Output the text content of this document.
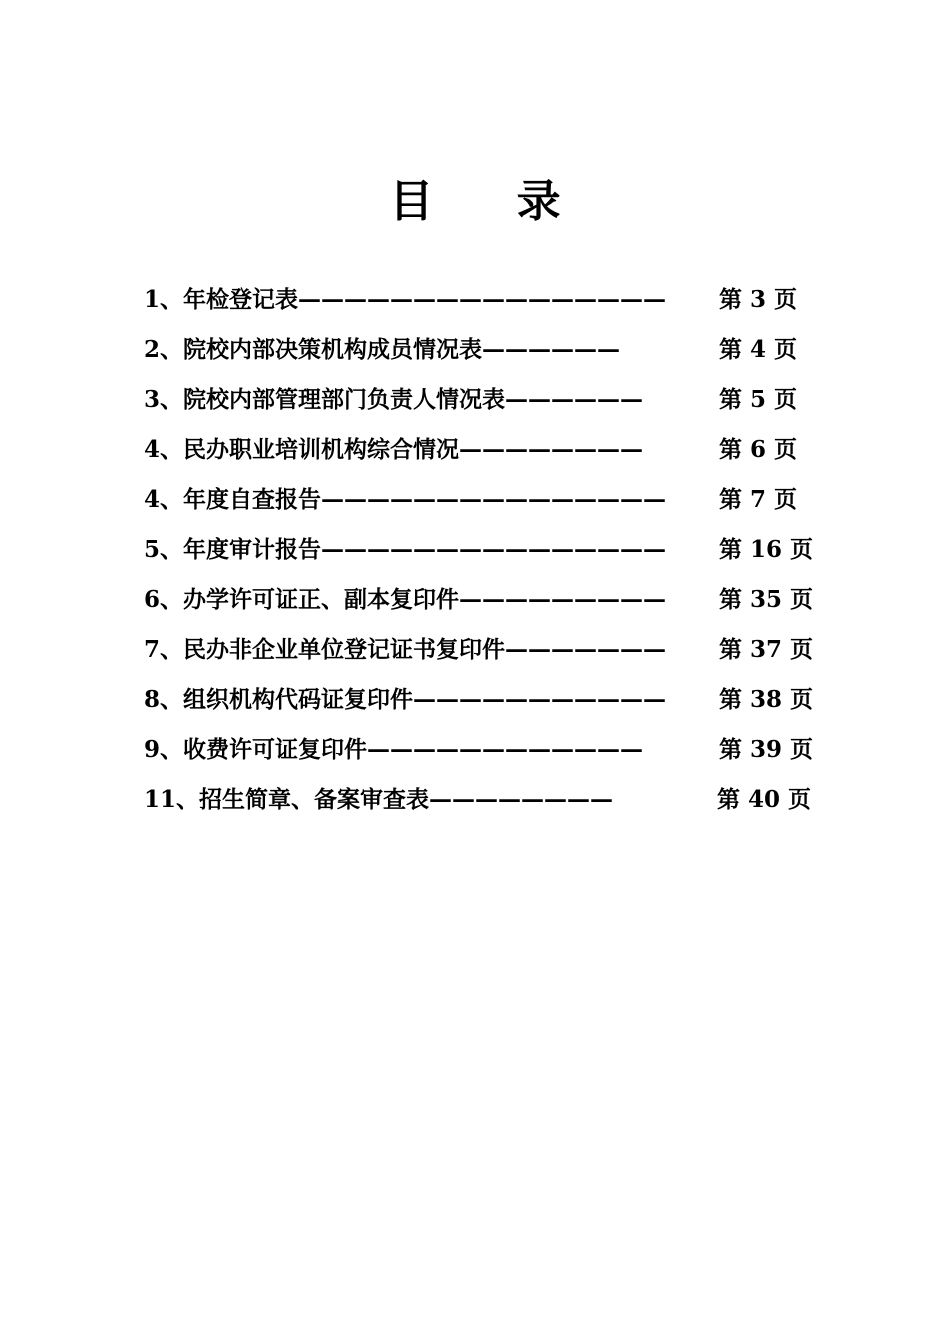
目 录
1、年检登记表———————————————— 第 3 页
2、院校内部决策机构成员情况表——————	第 4 页
3、院校内部管理部门负责人情况表——————	第 5 页
4、民办职业培训机构综合情况————————	第 6 页
4、年度自查报告——————————————— 第 7 页
5、年度审计报告——————————————— 第 16 页
6、办学许可证正、副本复印件————————— 第 35 页
7、民办非企业单位登记证书复印件——————— 第 37 页
8、组织机构代码证复印件——————————— 第 38 页
9、收费许可证复印件————————————	第 39 页
11、招生简章、备案审查表————————	第 40 页
